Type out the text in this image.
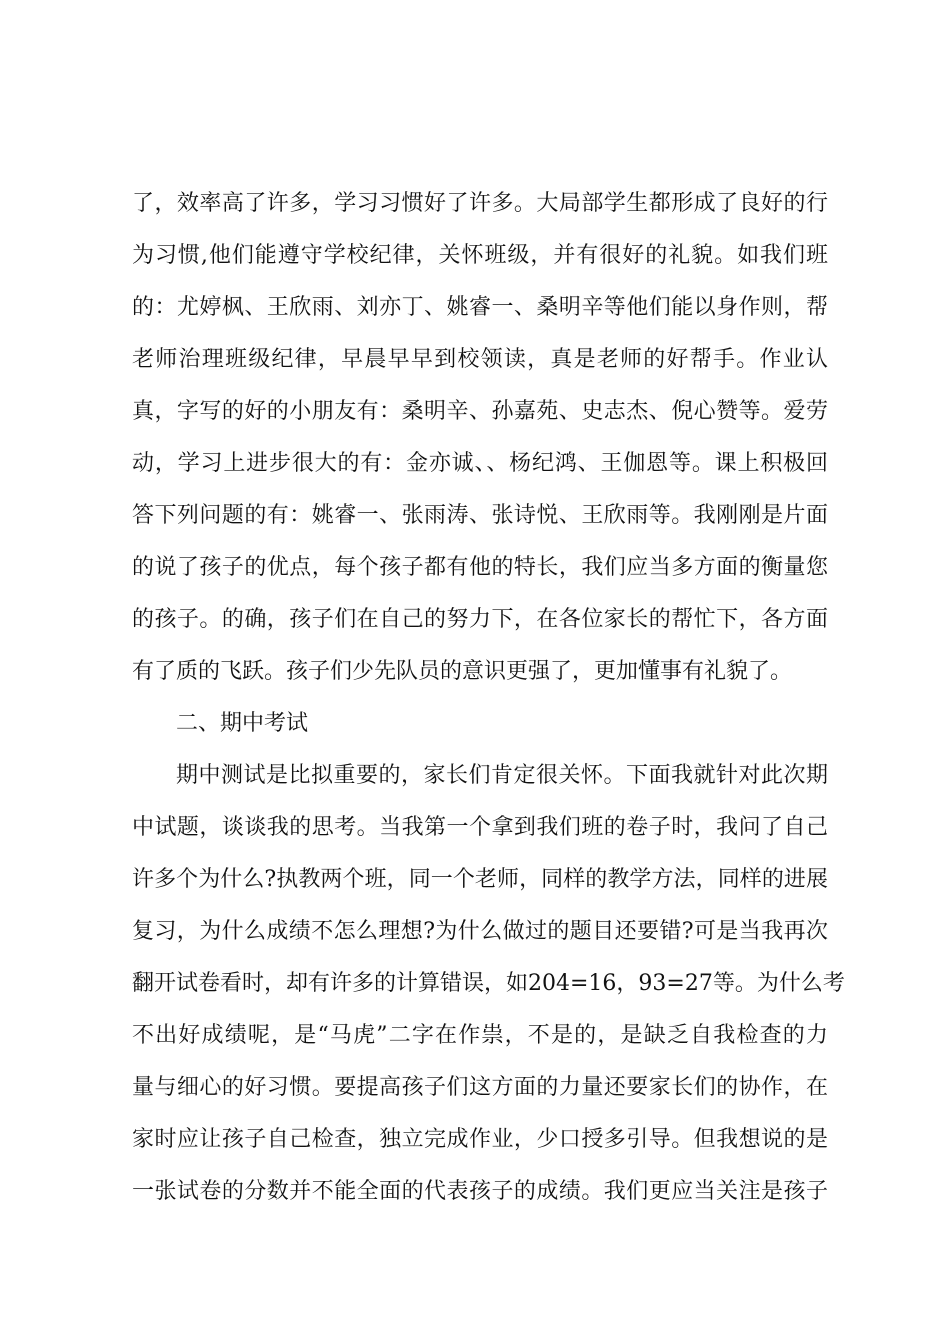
了，效率高了许多，学习习惯好了许多。大局部学生都形成了良好的行
为习惯,他们能遵守学校纪律，关怀班级，并有很好的礼貌。如我们班
的：尤婷枫、王欣雨、刘亦丁、姚睿一、桑明辛等他们能以身作则，帮
老师治理班级纪律，早晨早早到校领读，真是老师的好帮手。作业认
真，字写的好的小朋友有：桑明辛、孙嘉苑、史志杰、倪心赞等。爱劳
动，学习上进步很大的有：金亦诚、、杨纪鸿、王伽恩等。课上积极回
答下列问题的有：姚睿一、张雨涛、张诗悦、王欣雨等。我刚刚是片面
的说了孩子的优点，每个孩子都有他的特长，我们应当多方面的衡量您
的孩子。的确，孩子们在自己的努力下，在各位家长的帮忙下，各方面
有了质的飞跃。孩子们少先队员的意识更强了，更加懂事有礼貌了。
二、期中考试
期中测试是比拟重要的，家长们肯定很关怀。下面我就针对此次期
中试题，谈谈我的思考。当我第一个拿到我们班的卷子时，我问了自己
许多个为什么?执教两个班，同一个老师，同样的教学方法，同样的进展
复习，为什么成绩不怎么理想?为什么做过的题目还要错?可是当我再次
翻开试卷看时，却有许多的计算错误，如204=16，93=27等。为什么考
不出好成绩呢，是“马虎”二字在作祟，不是的，是缺乏自我检查的力
量与细心的好习惯。要提高孩子们这方面的力量还要家长们的协作，在
家时应让孩子自己检查，独立完成作业，少口授多引导。但我想说的是
一张试卷的分数并不能全面的代表孩子的成绩。我们更应当关注是孩子
